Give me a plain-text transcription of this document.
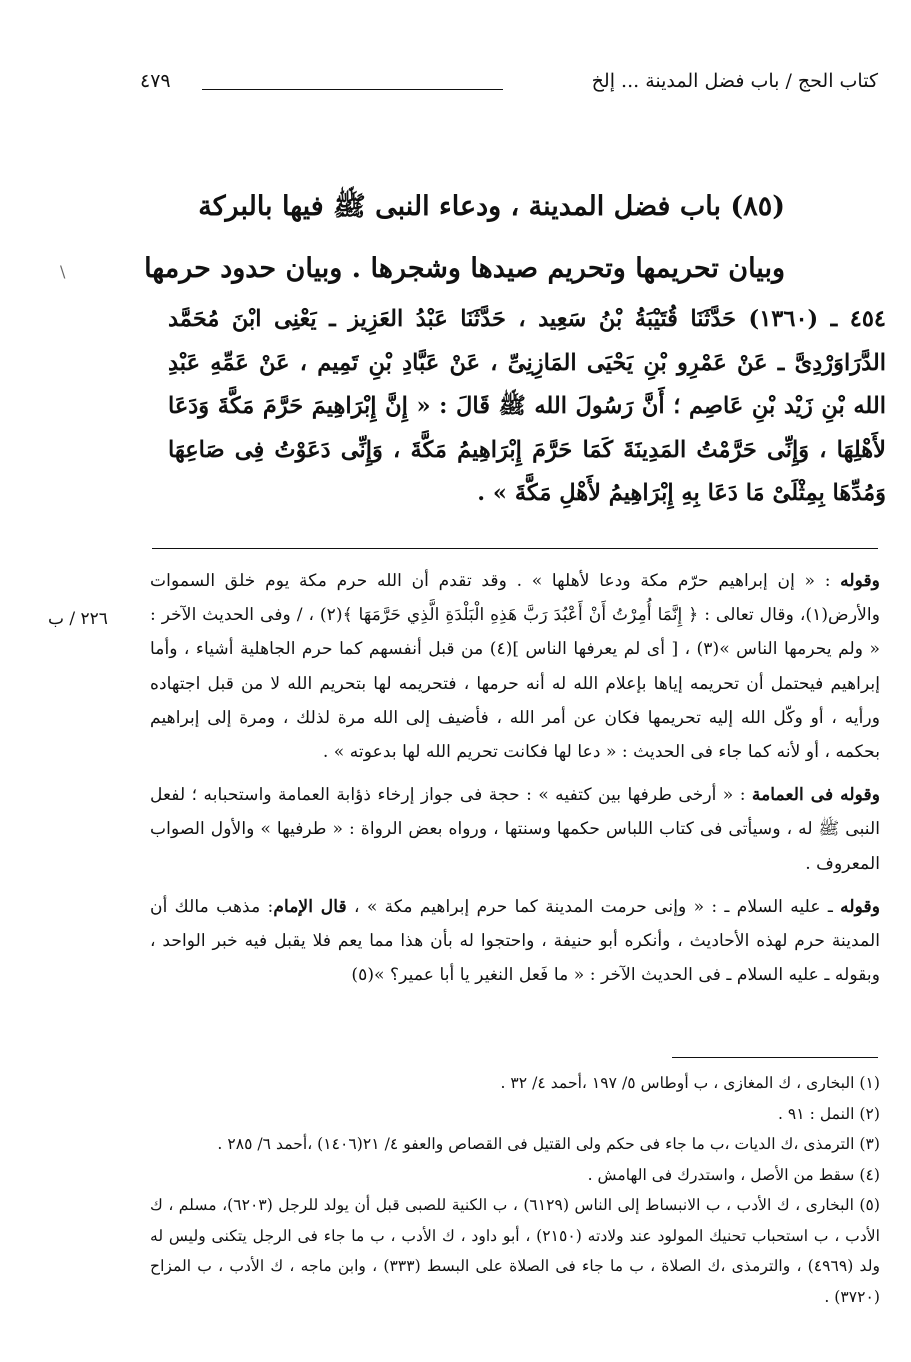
كتاب الحج / باب فضل المدينة ... إلخ
٤٧٩
\
(٨٥) باب فضل المدينة ، ودعاء النبى ﷺ فيها بالبركة
وبيان تحريمها وتحريم صيدها وشجرها . وبيان حدود حرمها
٤٥٤ ـ (١٣٦٠) حَدَّثَنَا قُتَيْبَةُ بْنُ سَعِيد ، حَدَّثَنَا عَبْدُ العَزِيز ـ يَعْنِى ابْنَ مُحَمَّد الدَّرَاوَرْدِىَّ ـ عَنْ عَمْرِو بْنِ يَحْيَى المَازِنِىِّ ، عَنْ عَبَّادِ بْنِ تَمِيم ، عَنْ عَمِّهِ عَبْدِ الله بْنِ زَيْد بْنِ عَاصِم ؛ أَنَّ رَسُولَ الله ﷺ قَالَ : « إِنَّ إِبْرَاهِيمَ حَرَّمَ مَكَّةَ وَدَعَا لأَهْلِهَا ، وَإِنِّى حَرَّمْتُ المَدِينَةَ كَمَا حَرَّمَ إِبْرَاهِيمُ مَكَّةَ ، وَإِنِّى دَعَوْتُ فِى صَاعِهَا وَمُدِّهَا بِمِثْلَىْ مَا دَعَا بِهِ إِبْرَاهِيمُ لأَهْلِ مَكَّةَ » .
٢٢٦ / ب

وقوله : « إن إبراهيم حرّم مكة ودعا لأهلها » . وقد تقدم أن الله حرم مكة يوم خلق السموات والأرض(١)، وقال تعالى : ﴿ إِنَّمَا أُمِرْتُ أَنْ أَعْبُدَ رَبَّ هَذِهِ الْبَلْدَةِ الَّذِي حَرَّمَهَا ﴾(٢) ، / وفى الحديث الآخر : « ولم يحرمها الناس »(٣) ، [ أى لم يعرفها الناس ](٤) من قبل أنفسهم كما حرم الجاهلية أشياء ، وأما إبراهيم فيحتمل أن تحريمه إياها بإعلام الله له أنه حرمها ، فتحريمه لها بتحريم الله لا من قبل اجتهاده ورأيه ، أو وكّل الله إليه تحريمها فكان عن أمر الله ، فأضيف إلى الله مرة لذلك ، ومرة إلى إبراهيم بحكمه ، أو لأنه كما جاء فى الحديث : « دعا لها فكانت تحريم الله لها بدعوته » .

وقوله فى العمامة : « أرخى طرفها بين كتفيه » : حجة فى جواز إرخاء ذؤابة العمامة واستحبابه ؛ لفعل النبى ﷺ له ، وسيأتى فى كتاب اللباس حكمها وسنتها ، ورواه بعض الرواة : « طرفيها » والأول الصواب المعروف .

وقوله ـ عليه السلام ـ : « وإنى حرمت المدينة كما حرم إبراهيم مكة » ، قال الإمام: مذهب مالك أن المدينة حرم لهذه الأحاديث ، وأنكره أبو حنيفة ، واحتجوا له بأن هذا مما يعم فلا يقبل فيه خبر الواحد ، وبقوله ـ عليه السلام ـ فى الحديث الآخر : « ما فَعل النغير يا أبا عمير؟ »(٥)

(١) البخارى ، ك المغازى ، ب أوطاس ٥/ ١٩٧ ،أحمد ٤/ ٣٢ .
(٢) النمل : ٩١ .
(٣) الترمذى ،ك الديات ،ب ما جاء فى حكم ولى القتيل فى القصاص والعفو ٤/ ٢١(١٤٠٦) ،أحمد ٦/ ٢٨٥ .
(٤) سقط من الأصل ، واستدرك فى الهامش .
(٥) البخارى ، ك الأدب ، ب الانبساط إلى الناس (٦١٢٩) ، ب الكنية للصبى قبل أن يولد للرجل (٦٢٠٣)، مسلم ، ك الأدب ، ب استحباب تحنيك المولود عند ولادته (٢١٥٠) ، أبو داود ، ك الأدب ، ب ما جاء فى الرجل يتكنى وليس له ولد (٤٩٦٩) ، والترمذى ،ك الصلاة ، ب ما جاء فى الصلاة على البسط (٣٣٣) ، وابن ماجه ، ك الأدب ، ب المزاح (٣٧٢٠) .
